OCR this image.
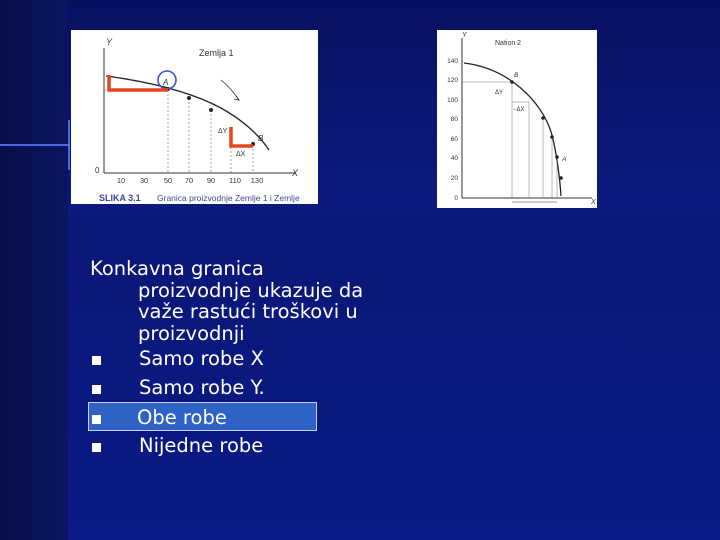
Y
X
Zemlja 1
0
A
B
ΔY
ΔX
10 30 50 70 90 110 130
SLIKA 3.1 Granica proizvodnje Zemlje 1 i Zemlje
Y
X
Nation 2
140
120
100
80
60
40
20
0
B
A
ΔY
−ΔX
Konkavna granica
proizvodnje ukazuje da
važe rastući troškovi u
proizvodnji
Samo robe X
Samo robe Y.
Obe robe
Nijedne robe
